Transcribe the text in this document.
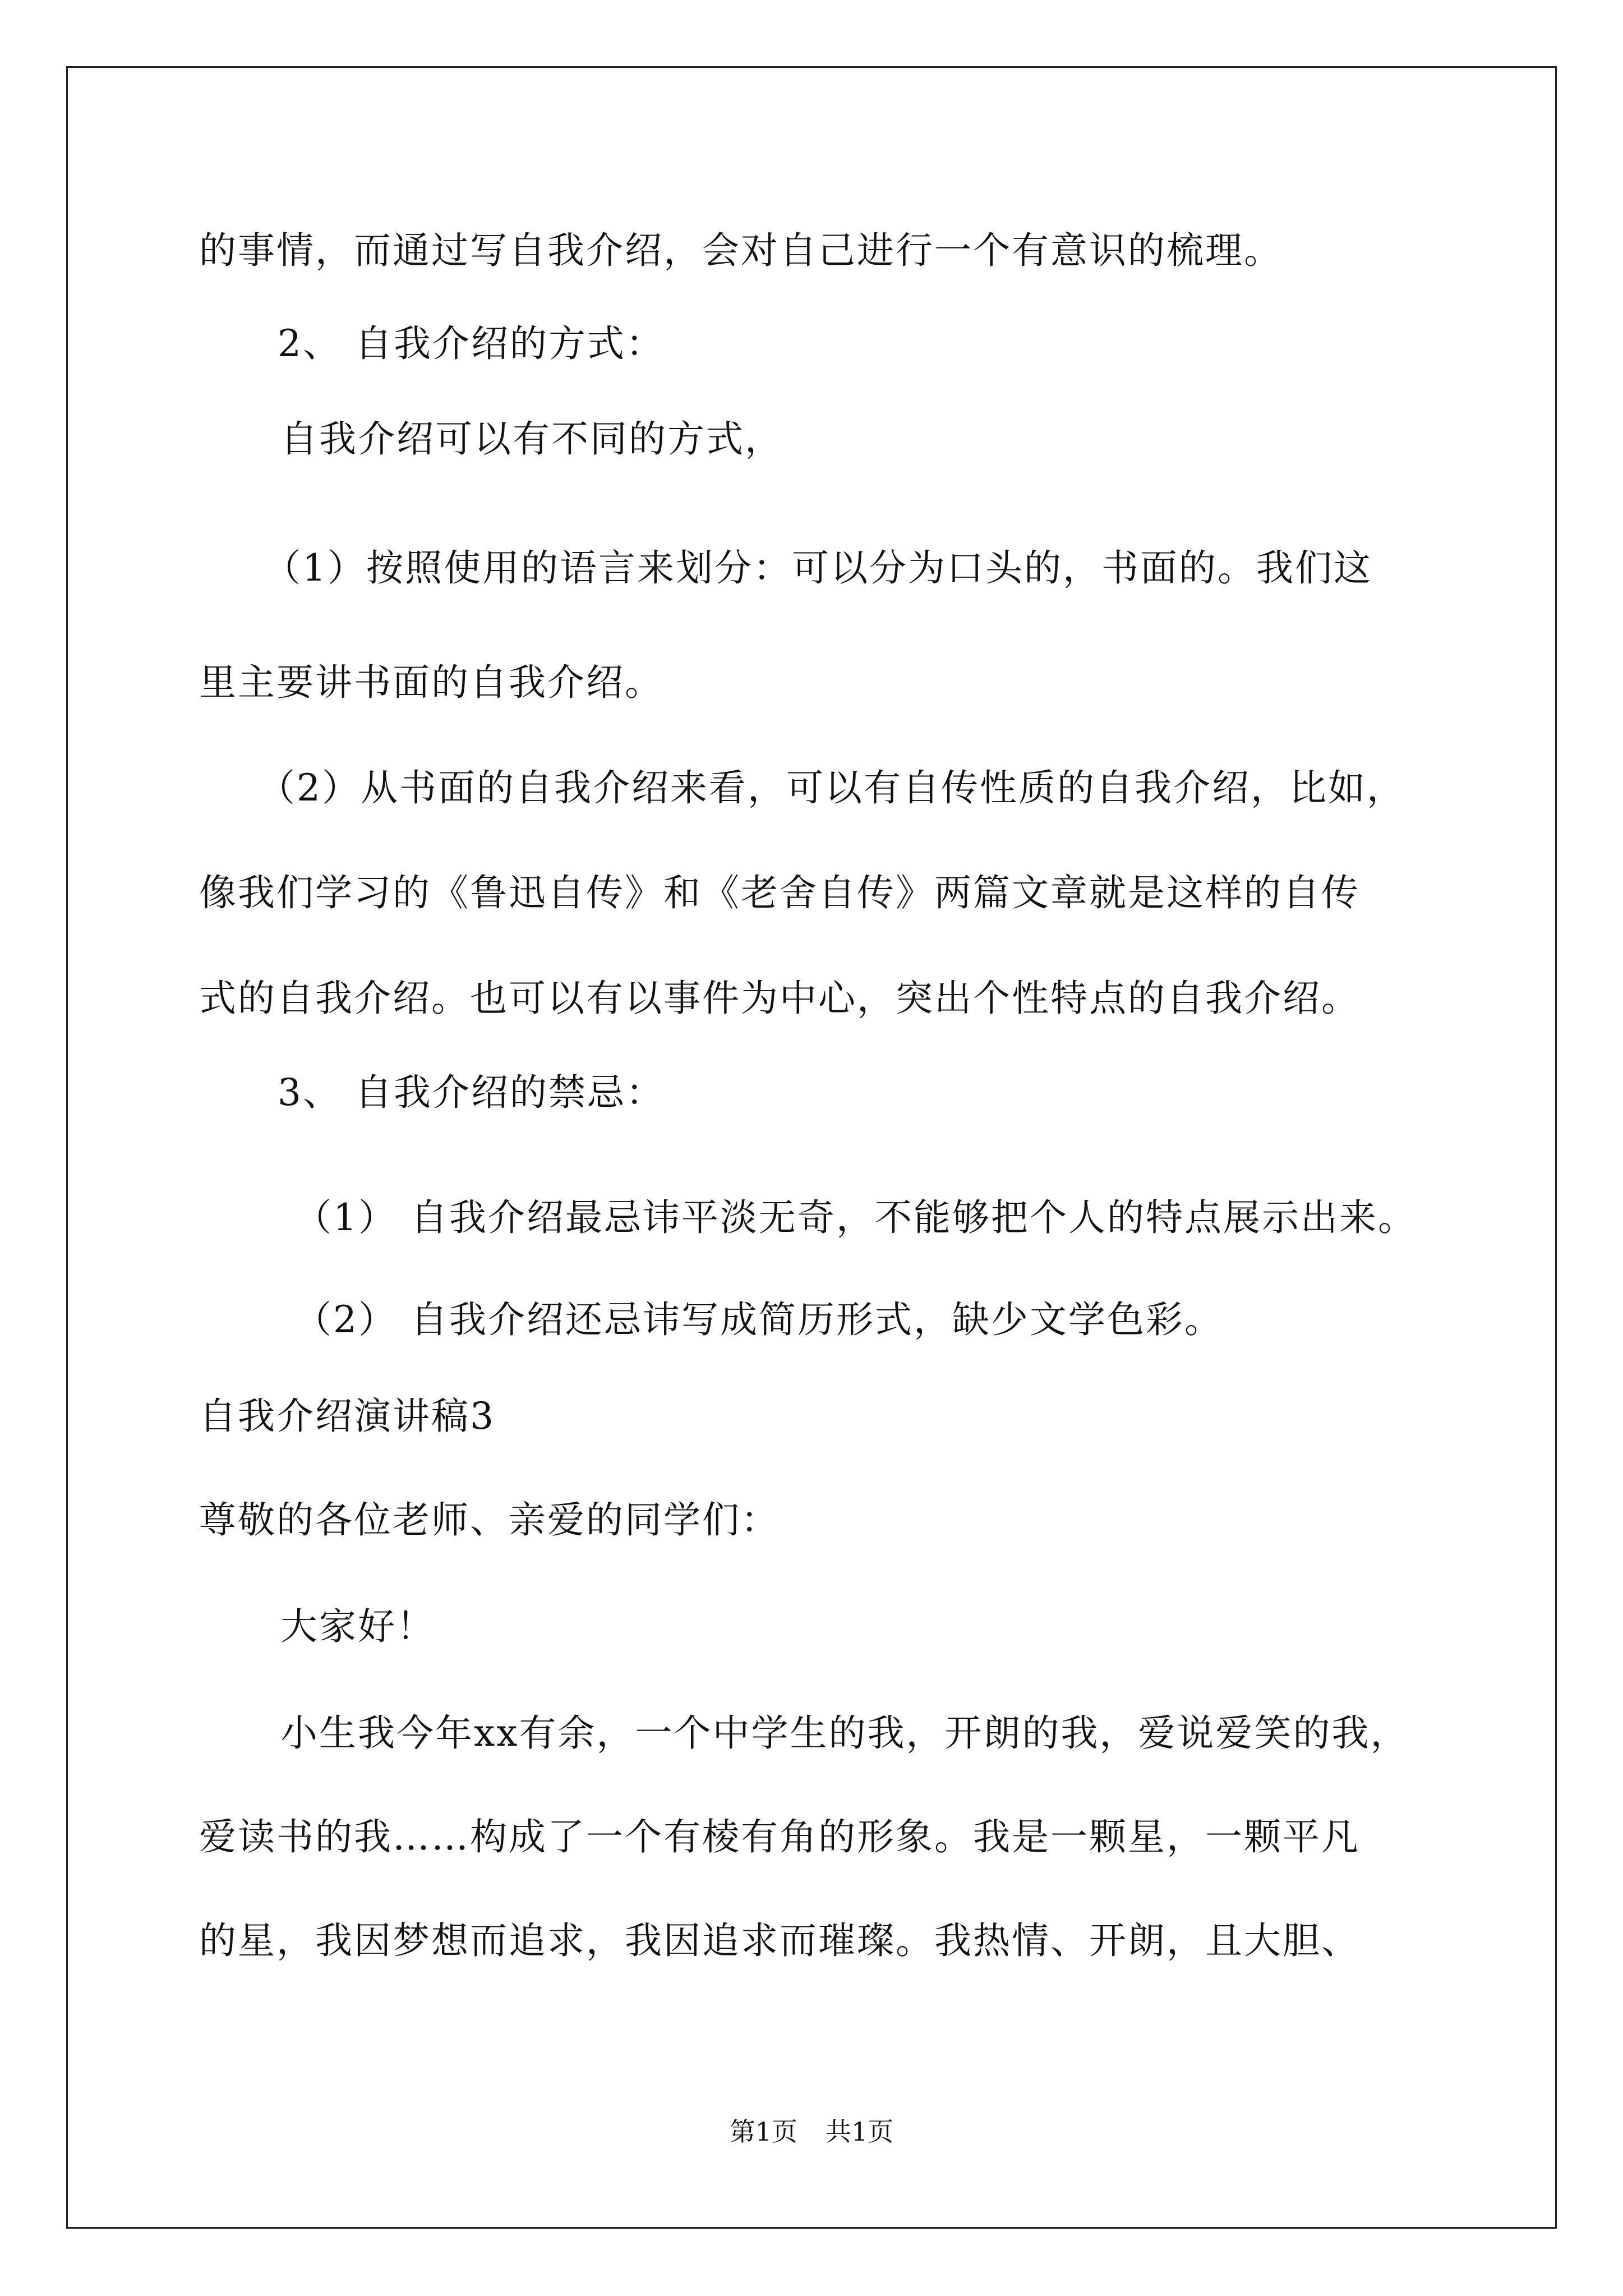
的事情，而通过写自我介绍，会对自己进行一个有意识的梳理。
2、 自我介绍的方式：
自我介绍可以有不同的方式，
（1）按照使用的语言来划分：可以分为口头的，书面的。我们这
里主要讲书面的自我介绍。
（2）从书面的自我介绍来看，可以有自传性质的自我介绍，比如，
像我们学习的《鲁迅自传》和《老舍自传》两篇文章就是这样的自传
式的自我介绍。也可以有以事件为中心，突出个性特点的自我介绍。
3、 自我介绍的禁忌：
（1） 自我介绍最忌讳平淡无奇，不能够把个人的特点展示出来。
（2） 自我介绍还忌讳写成简历形式，缺少文学色彩。
自我介绍演讲稿3
尊敬的各位老师、亲爱的同学们：
大家好！
小生我今年xx有余，一个中学生的我，开朗的我，爱说爱笑的我，
爱读书的我……构成了一个有棱有角的形象。我是一颗星，一颗平凡
的星，我因梦想而追求，我因追求而璀璨。我热情、开朗，且大胆、
第1页 共1页
